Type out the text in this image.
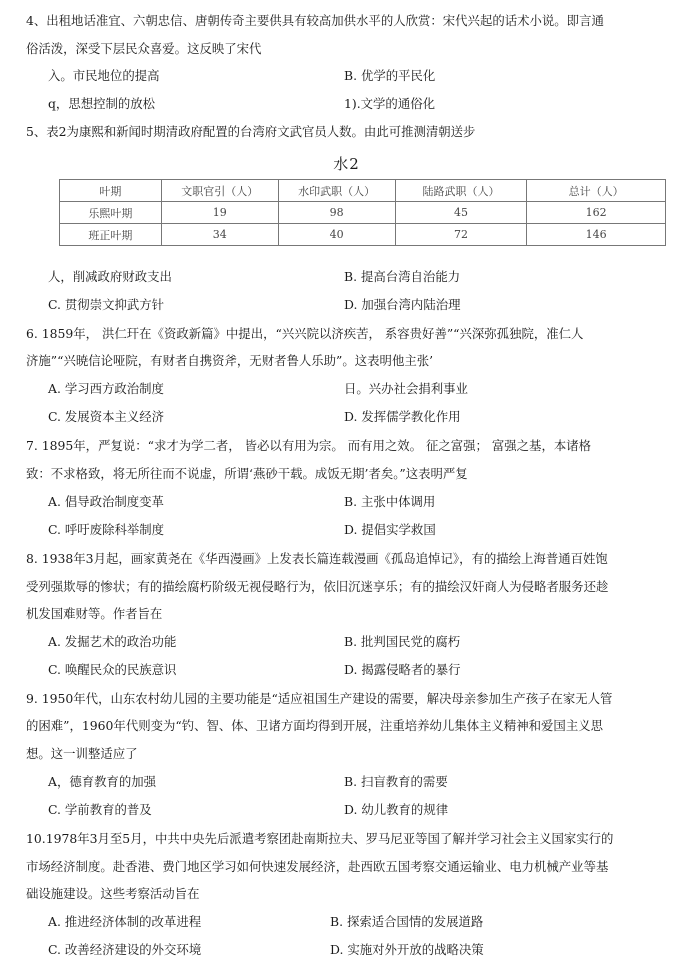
4、出租地话准宜、六朝忠信、唐朝传奇主要供具有较高加供水平的人欣赏：宋代兴起的话术小说。即言通
俗活泼，深受下层民众喜爱。这反映了宋代
入。市民地位的提高	B. 优学的平民化
q，思想控制的放松	1).文学的通俗化
5、表2为康熙和新闻时期清政府配置的台湾府文武官员人数。由此可推测清朝送步
水2
叶期	文职官引（人）	水印武职（人）	陆路武职（人）	总计（人）
乐熙叶期	19	98	45	162
班正叶期	34	40	72	146
人，削减政府财政支出	B. 提高台湾自治能力
C. 贯彻崇文抑武方针	D. 加强台湾内陆治理
6. 1859年， 洪仁玕在《资政新篇》中提出，“兴兴院以济疾苦， 系容贵好善”“兴深弥孤独院，准仁人
济施”“兴暁信论哑院，有财者自携资斧，无财者鲁人乐助”。这表明他主张’
A. 学习西方政治制度	日。兴办社会捐利事业
C. 发展资本主义经济	D. 发挥儒学教化作用
7. 1895年，严复说：“求才为学二者， 皆必以有用为宗。 而有用之效。 征之富强； 富强之基，本诸格
致：不求格致，将无所往而不说虚，所谓‘燕砂干载。成饭无期’者矣。”这表明严复
A. 倡导政治制度变革	B. 主张中体调用
C. 呼吁废除科举制度	D. 提倡实学救国
8. 1938年3月起，画家黄尧在《华西漫画》上发表长篇连载漫画《孤岛追悼记》，有的描绘上海普通百姓饱
受列强欺辱的惨状；有的描绘腐朽阶级无视侵略行为，依旧沉迷享乐；有的描绘汉奸商人为侵略者服务还趁
机发国难财等。作者旨在
A. 发掘艺术的政治功能	B. 批判国民党的腐朽
C. 唤醒民众的民族意识	D. 揭露侵略者的暴行
9. 1950年代，山东农村幼儿园的主要功能是“适应祖国生产建设的需要，解决母亲参加生产孩子在家无人管
的困难”，1960年代则变为“钓、智、体、卫诸方面均得到开展，注重培养幼儿集体主义精神和爱国主义思
想。这一训整适应了
A，德育教育的加强	B. 扫盲教育的需要
C. 学前教育的普及	D. 幼儿教育的规律
10.1978年3月至5月，中共中央先后派遣考察团赴南斯拉夫、罗马尼亚等国了解并学习社会主义国家实行的
市场经济制度。赴香港、费门地区学习如何快速发展经济，赴西欧五国考察交通运输业、电力机械产业等基
础设施建设。这些考察活动旨在
A. 推进经济体制的改革进程	B. 探索适合国情的发展道路
C. 改善经济建设的外交环境	D. 实施对外开放的战略决策
